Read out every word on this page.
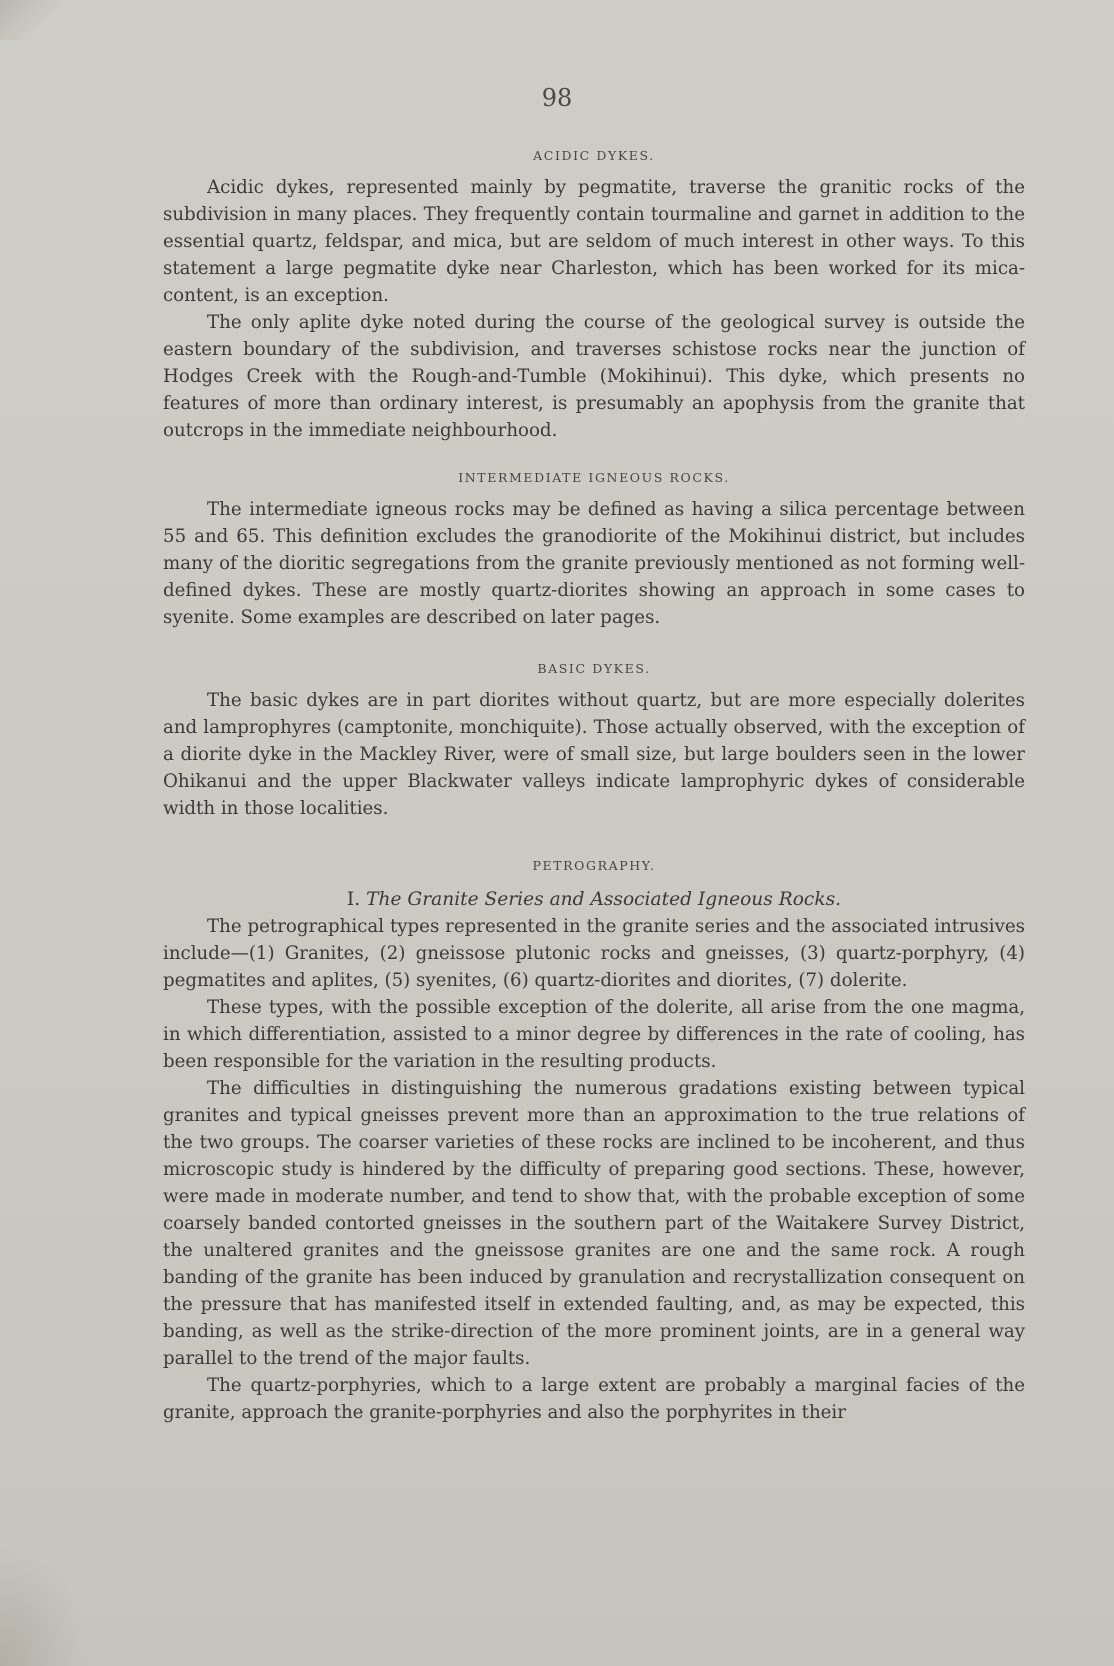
98

ACIDIC DYKES.

Acidic dykes, represented mainly by pegmatite, traverse the granitic rocks of the subdivision in many places. They frequently contain tourmaline and garnet in addition to the essential quartz, feldspar, and mica, but are seldom of much interest in other ways. To this statement a large pegmatite dyke near Charleston, which has been worked for its mica-content, is an exception.

The only aplite dyke noted during the course of the geological survey is outside the eastern boundary of the subdivision, and traverses schistose rocks near the junction of Hodges Creek with the Rough-and-Tumble (Mokihinui). This dyke, which presents no features of more than ordinary interest, is presumably an apophysis from the granite that outcrops in the immediate neighbourhood.

INTERMEDIATE IGNEOUS ROCKS.

The intermediate igneous rocks may be defined as having a silica percentage between 55 and 65. This definition excludes the granodiorite of the Mokihinui district, but includes many of the dioritic segregations from the granite previously mentioned as not forming well-defined dykes. These are mostly quartz-diorites showing an approach in some cases to syenite. Some examples are described on later pages.

BASIC DYKES.

The basic dykes are in part diorites without quartz, but are more especially dolerites and lamprophyres (camptonite, monchiquite). Those actually observed, with the exception of a diorite dyke in the Mackley River, were of small size, but large boulders seen in the lower Ohikanui and the upper Blackwater valleys indicate lamprophyric dykes of considerable width in those localities.

PETROGRAPHY.

I. The Granite Series and Associated Igneous Rocks.

The petrographical types represented in the granite series and the associated intrusives include—(1) Granites, (2) gneissose plutonic rocks and gneisses, (3) quartz-porphyry, (4) pegmatites and aplites, (5) syenites, (6) quartz-diorites and diorites, (7) dolerite.

These types, with the possible exception of the dolerite, all arise from the one magma, in which differentiation, assisted to a minor degree by differences in the rate of cooling, has been responsible for the variation in the resulting products.

The difficulties in distinguishing the numerous gradations existing between typical granites and typical gneisses prevent more than an approximation to the true relations of the two groups. The coarser varieties of these rocks are inclined to be incoherent, and thus microscopic study is hindered by the difficulty of preparing good sections. These, however, were made in moderate number, and tend to show that, with the probable exception of some coarsely banded contorted gneisses in the southern part of the Waitakere Survey District, the unaltered granites and the gneissose granites are one and the same rock. A rough banding of the granite has been induced by granulation and recrystallization consequent on the pressure that has manifested itself in extended faulting, and, as may be expected, this banding, as well as the strike-direction of the more prominent joints, are in a general way parallel to the trend of the major faults.

The quartz-porphyries, which to a large extent are probably a marginal facies of the granite, approach the granite-porphyries and also the porphyrites in their
